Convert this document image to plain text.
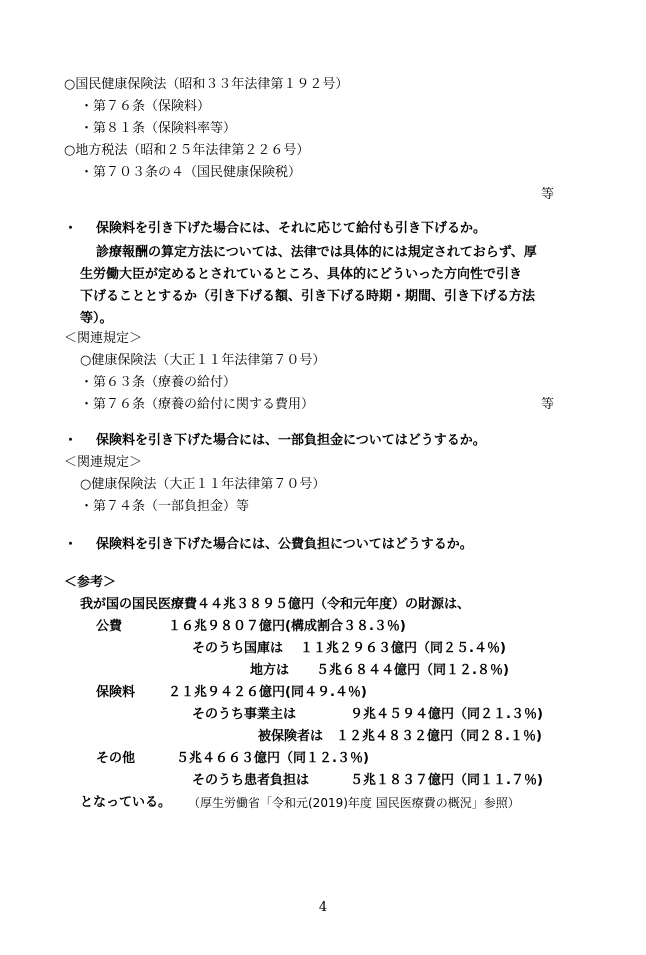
○国民健康保険法（昭和３３年法律第１９２号）
・第７６条（保険料）
・第８１条（保険料率等）
○地方税法（昭和２５年法律第２２６号）
・第７０３条の４（国民健康保険税）
等
・ 保険料を引き下げた場合には、それに応じて給付も引き下げるか。
診療報酬の算定方法については、法律では具体的には規定されておらず、厚
生労働大臣が定めるとされているところ、具体的にどういった方向性で引き
下げることとするか（引き下げる額、引き下げる時期・期間、引き下げる方法
等）。
＜関連規定＞
○健康保険法（大正１１年法律第７０号）
・第６３条（療養の給付）
・第７６条（療養の給付に関する費用）	等
・ 保険料を引き下げた場合には、一部負担金についてはどうするか。
＜関連規定＞
○健康保険法（大正１１年法律第７０号）
・第７４条（一部負担金）等
・ 保険料を引き下げた場合には、公費負担についてはどうするか。
＜参考＞
我が国の国民医療費４４兆３８９５億円（令和元年度）の財源は、
公費	１６兆９８０７億円(構成割合３８.３％)
そのうち国庫は １１兆２９６３億円（同２５.４％)
地方は ５兆６８４４億円（同１２.８％)
保険料	２１兆９４２６億円(同４９.４％)
そのうち事業主は	９兆４５９４億円（同２１.３％)
被保険者は １２兆４８３２億円（同２８.１％)
その他	５兆４６６３億円（同１２.３％)
そのうち患者負担は	５兆１８３７億円（同１１.７％)
となっている。 （厚生労働省「令和元(2019)年度 国民医療費の概況」参照）
4
